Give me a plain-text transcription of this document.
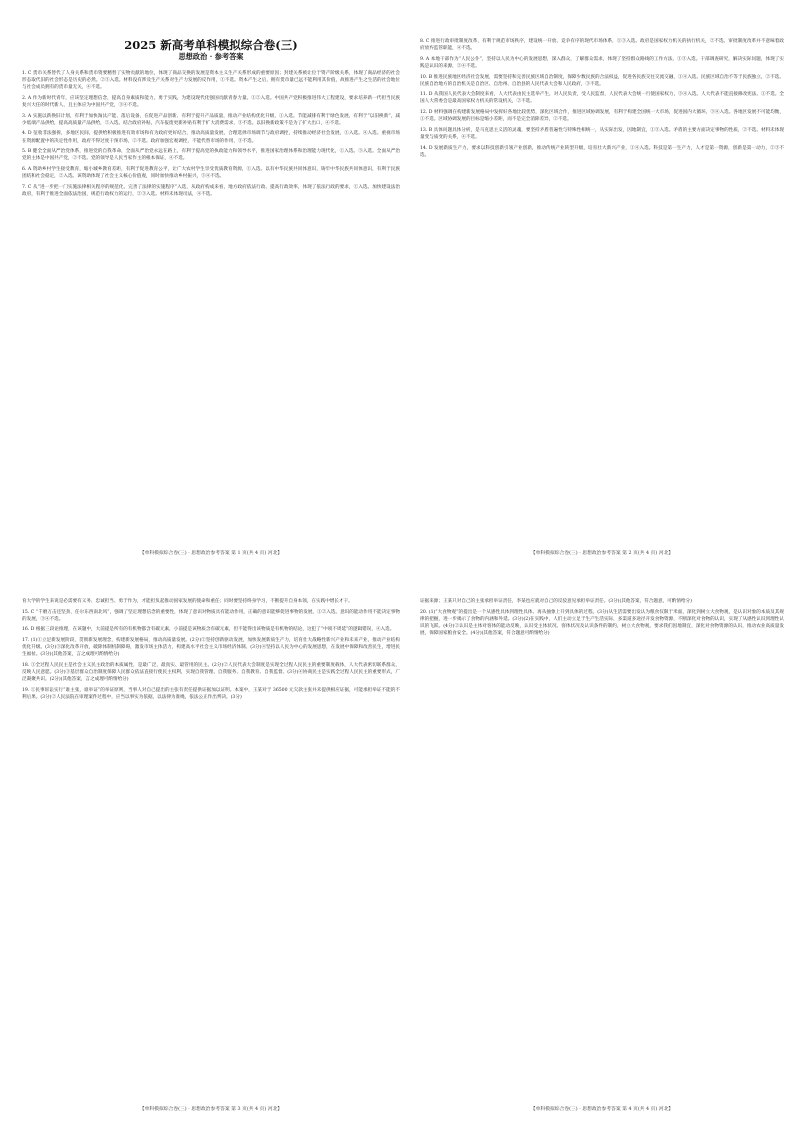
2025 新高考单科模拟综合卷(三)
思想政治 · 参考答案

1. C 货币关系替代了人身关系和货币资要精替了实物贡献的地位，体现了商品交换的发展是资本主义生产关系形成的重要原因；封建关系被让位于资产阶级关系，体现了商品经济的社会形态取代旧的社会形态是历史的必然。②③入选。材料没有涉及生产关系对生产力发展的反作用，①不选。资本产生之后，拥有货币量已远不能利用其价值，故推进产生之生活的社会地位与社会成员拥有的货币量无关，④不选。

2. A 作为新时代青年，应该坚定理想信念，提高自身素质和能力，勇于实践，为建设现代化强国贡献青春力量。①②入选。中国共产党积极推进伟大工程建设，要求培养新一代担当民族复兴大任的时代新人，且主体应为中国共产党，③④不选。

3. A 实施以新换旧计划，有利于加快淘汰产能、落后设备，在促进产品创新、有利于提升产品质量，推动产业结构优化升级，①入选。节能减排有利于绿色发展，有利于“以旧换新”，减少低端产品供给，提高高质量产品供给，②入选。结合政府补贴、汽车报废更新补贴有利于扩大消费需求，③不选。以旧换新政策不是为了扩大出口，④不选。

4. D 征收非法强拆，多地区民间，提供给积极推进有效市场和有为政府更好结合，推动高质量发展，合理选择市场调节与政府调控，持续推动经济社会发展，①入选。④入选。重视市场在资源配置中的决定性作用，政府不得过度干预市场，②不选。政府加强宏观调控，不能代替市场的作用，③不选。

5. B 健全全面从严治党体系，推进党的自我革命，全面从严治党永远在路上，有利于提高党的执政能力和领导水平，推进国家治理体系和治理能力现代化，①入选。③入选。全面从严治党的主体是中国共产党，②不选。党的领导是人民当家作主的根本保证，④不选。

6. A 资助乡村学生接受教育，缩小城乡教育差距，有利于促进教育公平，让广大农村学生享受优质教育资源，①入选。以有中华民族共同体意识，铸牢中华民族共同体意识，有利于民族团结和社会稳定，②入选。该资助体现了社会主义核心价值观，同时加快推动乡村振兴，③④不选。

7. C 从“进一步把一门实施法律相关程序的规范化、完善了法律的实施程序”入选，从政府构成来看，地方政府依法行政、提高行政效率，体现了依法行政的要求，①入选。加快建设法治政府，有利于推进全面依法治国，规范行政权力的运行，②③入选。材料未体现司法，④不选。

【单科模拟综合卷(三) · 思想政治参考答案 第 1 页(共 4 页) 河北】

8. C 推进行政审批制度改革，有利于规范市场秩序，建设统一开放、竞争有序的现代市场体系，①③入选。政府是国家权力机关的执行机关，②不选。审批制度改革并不意味着政府放弃监管职能，④不选。

9. A 本地干部作为“人民公仆”，坚持以人民为中心的发展思想，深入群众，了解群众需求，体现了坚持群众路线的工作方法，①③入选。干部调查研究，解决实际问题，体现了实践是认识的来源，②④不选。

10. B 推进民族地区经济社会发展，需要坚持和完善民族区域自治制度，保障少数民族的合法权益，促进各民族交往交流交融，①④入选。民族区域自治不等于民族独立，②不选。民族自治地方的自治机关是自治区、自治州、自治县的人民代表大会和人民政府，③不选。

11. D 从我国人民代表大会制度来看，人大代表由民主选举产生，对人民负责，受人民监督，人民代表大会统一行使国家权力，③④入选。人大代表不能直接修改宪法，①不选。全国人大常委会是最高国家权力机关的常设机关，②不选。

12. D 材料强调在构建新发展格局中发挥好各地比较优势，深化区域合作，推进区域协调发展，有利于构建全国统一大市场，促进国内大循环，③④入选。各地区发展不可能均衡，①不选。区域协调发展的目标是缩小差距，而不是完全消除差异，②不选。

13. B 具体问题具体分析，是马克思主义活的灵魂，要坚持矛盾普遍性与特殊性相统一，从实际出发，因地制宜，①③入选。矛盾的主要方面决定事物的性质，②不选。材料未体现量变与质变的关系，④不选。

14. D 发展新质生产力，要求以科技创新引领产业创新，推动传统产业转型升级，培育壮大新兴产业，①④入选。科技是第一生产力，人才是第一资源，创新是第一动力，②③不选。

【单科模拟综合卷(三) · 思想政治参考答案 第 2 页(共 4 页) 河北】

育大学的学生来说是必需要有义务、忠诚担当、勇于作为，才能担负起推动国家发展的使命和重任；同时要坚持终身学习，不断提升自身本领，在实践中增长才干。

15. C “千磨万击还坚劲，任尔东西南北风”，强调了坚定理想信念的重要性，体现了意识对物质具有能动作用，正确的意识能够促进事物的发展，①②入选。意识的能动作用不能决定事物的发展，③④不选。

16. D 根据三段论推理，在该题中，大前提是所有的有机物都含有碳元素，小前提是该物质含有碳元素，但不能得出该物质是有机物的结论，这犯了“中项不周延”的逻辑错误，④入选。

17. (1)①立足新发展阶段，贯彻新发展理念，构建新发展格局，推动高质量发展。(2分)②坚持创新驱动发展，加快发展新质生产力，培育壮大战略性新兴产业和未来产业，推动产业结构优化升级。(3分)③深化改革开放，破除体制机制障碍，激发市场主体活力，构建高水平社会主义市场经济体制。(3分)④坚持以人民为中心的发展思想，在发展中保障和改善民生，增进民生福祉。(3分)(其他答案，言之成理可酌情给分)

18. ①全过程人民民主是社会主义民主政治的本质属性，是最广泛、最真实、最管用的民主。(2分)②人民代表大会制度是实现全过程人民民主的重要制度载体，人大代表密切联系群众，反映人民意愿。(3分)③基层群众自治制度保障人民群众依法直接行使民主权利，实现自我管理、自我服务、自我教育、自我监督。(3分)④协商民主是实践全过程人民民主的重要形式，广泛凝聚共识。(2分)(其他答案，言之成理可酌情给分)

19. ①民事诉讼实行“谁主张，谁举证”的举证原则，当事人对自己提出的主张有责任提供证据加以证明。本案中，王某对于 36500 元欠款主张并未提供相应证据，可能承担举证不能的不利后果。(3分)②人民法院在审理案件过程中，应当以事实为依据，以法律为准绳，依法公正作出判决。(3分)

【单科模拟综合卷(三) · 思想政治参考答案 第 3 页(共 4 页) 河北】

证据来源；王某只对自己的主张承担举证责任，李某也应就对自己的反驳意见承担举证责任。(3分)(其他答案，符合题意，可酌情给分)

20. (1)“大食物观”的提出是一个从感性具体到理性具体、再从抽象上升到具体的过程。(3分)从生活需要出发认为粮食仅限于米面，深化到树立大食物观，是认识对象的本质及其规律的把握，进一步揭示了食物的内涵和外延。(3分)(2)在实践中，人们主动立足于生产生活实际，多渠道多途径开发食物资源，不断深化对食物的认识，实现了从感性认识到理性认识的飞跃。(4分)②认识是主体对客体的能动反映，认识受主体状况、客体状况及认识条件的制约，树立大食物观，要求我们因地制宜，深化对食物资源的认识，推动农业高质量发展，保障国家粮食安全。(4分)(其他答案，符合题意可酌情给分)

【单科模拟综合卷(三) · 思想政治参考答案 第 4 页(共 4 页) 河北】
